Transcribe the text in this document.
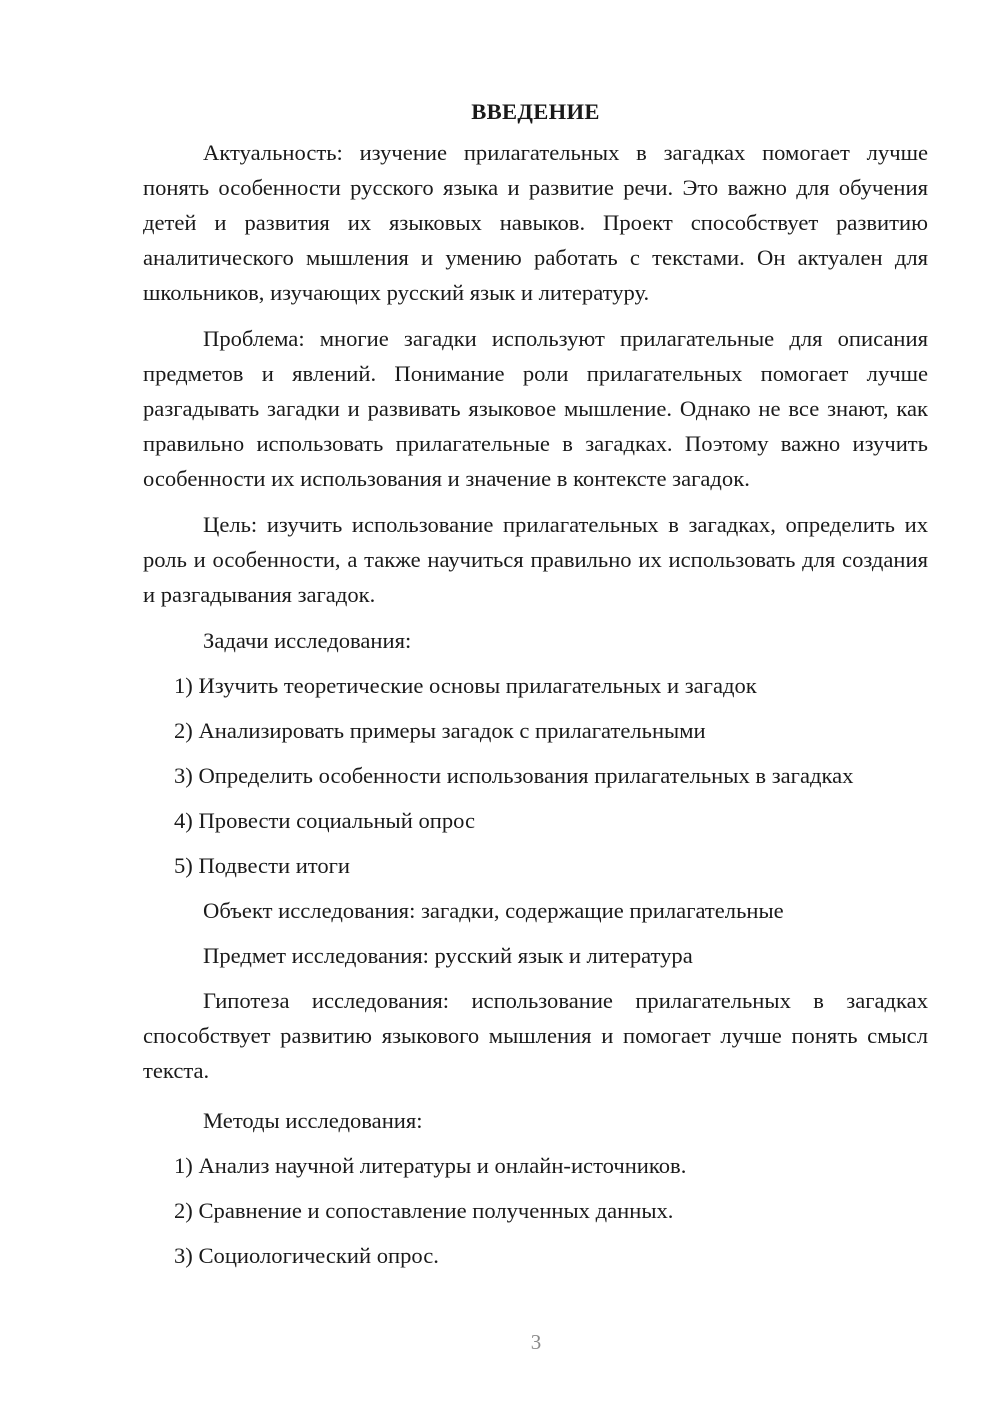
ВВЕДЕНИЕ

Актуальность: изучение прилагательных в загадках помогает лучше понять особенности русского языка и развитие речи. Это важно для обучения детей и развития их языковых навыков. Проект способствует развитию аналитического мышления и умению работать с текстами. Он актуален для школьников, изучающих русский язык и литературу.

Проблема: многие загадки используют прилагательные для описания предметов и явлений. Понимание роли прилагательных помогает лучше разгадывать загадки и развивать языковое мышление. Однако не все знают, как правильно использовать прилагательные в загадках. Поэтому важно изучить особенности их использования и значение в контексте загадок.

Цель: изучить использование прилагательных в загадках, определить их роль и особенности, а также научиться правильно их использовать для создания и разгадывания загадок.

Задачи исследования:

1) Изучить теоретические основы прилагательных и загадок

2) Анализировать примеры загадок с прилагательными

3) Определить особенности использования прилагательных в загадках

4) Провести социальный опрос

5) Подвести итоги

Объект исследования: загадки, содержащие прилагательные

Предмет исследования: русский язык и литература

Гипотеза исследования: использование прилагательных в загадках способствует развитию языкового мышления и помогает лучше понять смысл текста.

Методы исследования:

1) Анализ научной литературы и онлайн-источников.

2) Сравнение и сопоставление полученных данных.

3) Социологический опрос.

3
